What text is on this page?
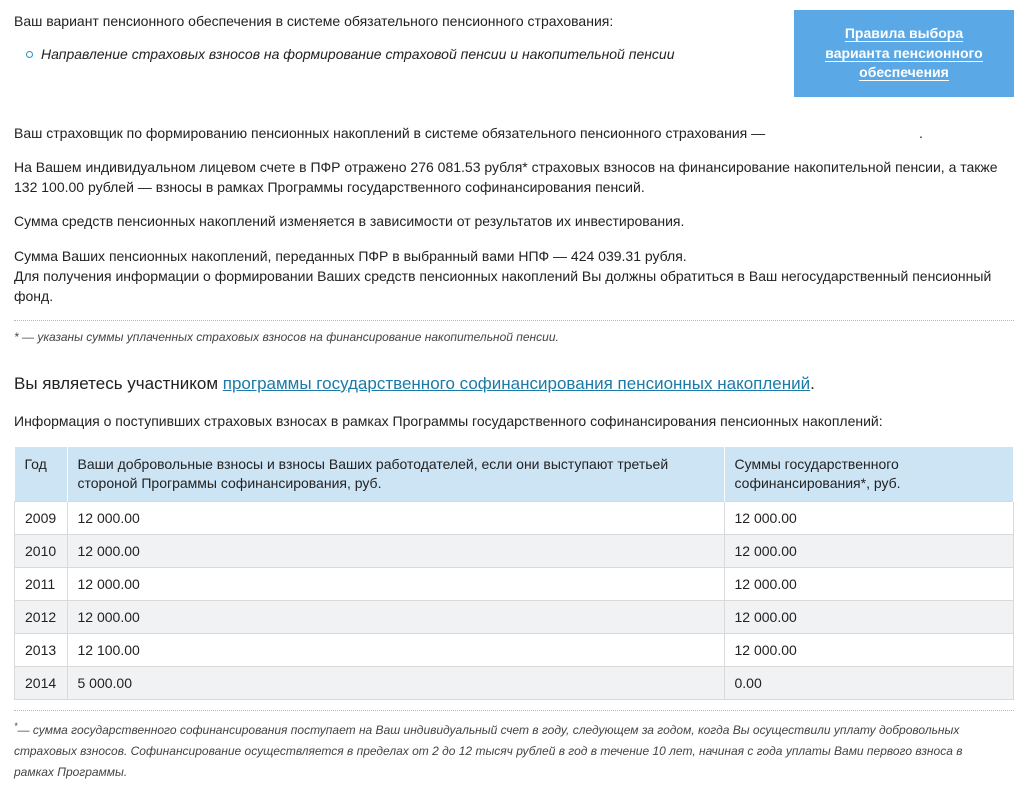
Ваш вариант пенсионного обеспечения в системе обязательного пенсионного страхования:
Направление страховых взносов на формирование страховой пенсии и накопительной пенсии
Правила выбора варианта пенсионного обеспечения

Ваш страховщик по формированию пенсионных накоплений в системе обязательного пенсионного страхования —	.

На Вашем индивидуальном лицевом счете в ПФР отражено 276 081.53 рубля* страховых взносов на финансирование накопительной пенсии, а также 132 100.00 рублей — взносы в рамках Программы государственного софинансирования пенсий.

Сумма средств пенсионных накоплений изменяется в зависимости от результатов их инвестирования.

Сумма Ваших пенсионных накоплений, переданных ПФР в выбранный вами НПФ — 424 039.31 рубля.

Для получения информации о формировании Ваших средств пенсионных накоплений Вы должны обратиться в Ваш негосударственный пенсионный фонд.

* — указаны суммы уплаченных страховых взносов на финансирование накопительной пенсии.
Вы являетесь участником программы государственного софинансирования пенсионных накоплений.

Информация о поступивших страховых взносах в рамках Программы государственного софинансирования пенсионных накоплений:

Год	Ваши добровольные взносы и взносы Ваших работодателей, если они выступают третьей стороной Программы софинансирования, руб.	Суммы государственного софинансирования*, руб.
2009	12 000.00	12 000.00
2010	12 000.00	12 000.00
2011	12 000.00	12 000.00
2012	12 000.00	12 000.00
2013	12 100.00	12 000.00
2014	5 000.00	0.00
*— сумма государственного софинансирования поступает на Ваш индивидуальный счет в году, следующем за годом, когда Вы осуществили уплату добровольных страховых взносов. Софинансирование осуществляется в пределах от 2 до 12 тысяч рублей в год в течение 10 лет, начиная с года уплаты Вами первого взноса в рамках Программы.
